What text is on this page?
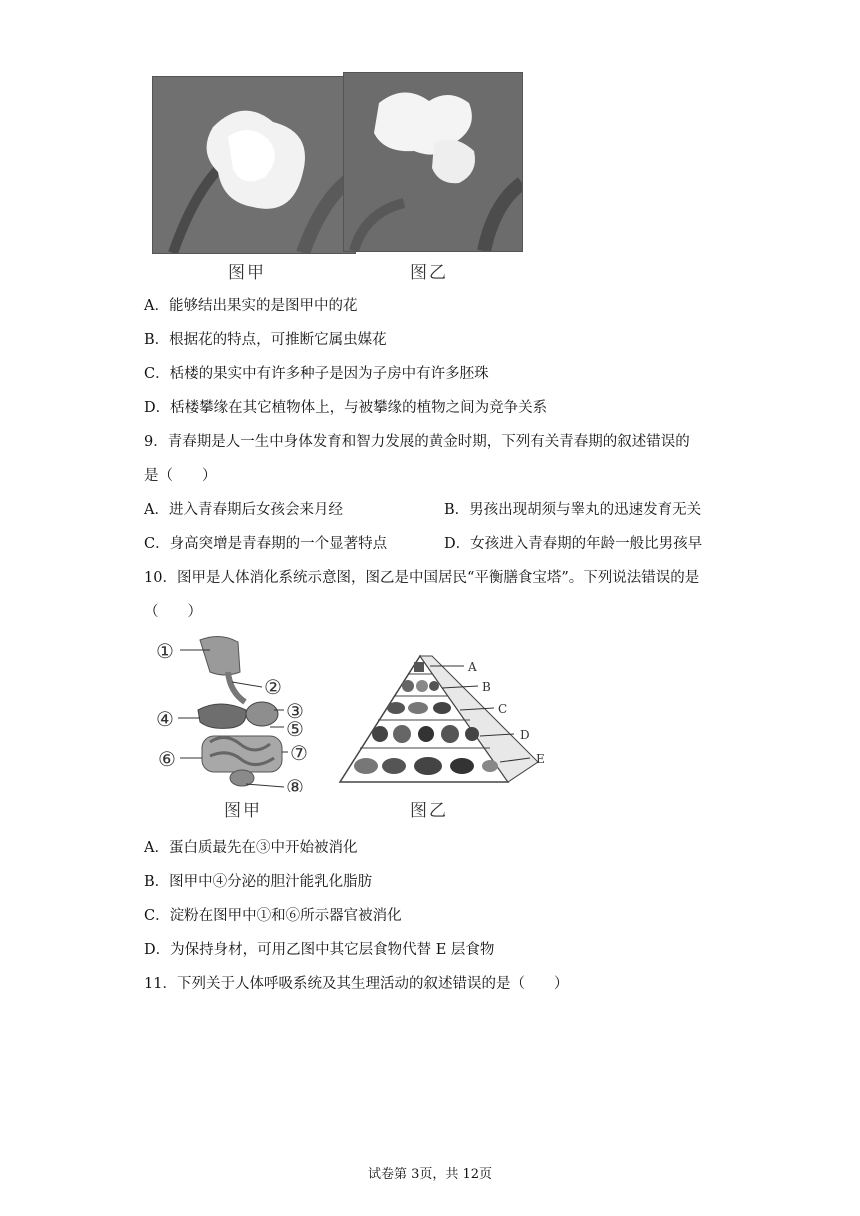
图甲	图乙
A．能够结出果实的是图甲中的花
B．根据花的特点，可推断它属虫媒花
C．栝楼的果实中有许多种子是因为子房中有许多胚珠
D．栝楼攀缘在其它植物体上，与被攀缘的植物之间为竞争关系
9．青春期是人一生中身体发育和智力发展的黄金时期，下列有关青春期的叙述错误的
是（　　）
A．进入青春期后女孩会来月经	B．男孩出现胡须与睾丸的迅速发育无关
C．身高突增是青春期的一个显著特点	D．女孩进入青春期的年龄一般比男孩早
10．图甲是人体消化系统示意图，图乙是中国居民“平衡膳食宝塔”。下列说法错误的是
（　　）
①
②
③
④	⑤
⑥	⑦
⑧
图甲
A
B
C
D
E
图乙
A．蛋白质最先在③中开始被消化
B．图甲中④分泌的胆汁能乳化脂肪
C．淀粉在图甲中①和⑥所示器官被消化
D．为保持身材，可用乙图中其它层食物代替 E 层食物
11．下列关于人体呼吸系统及其生理活动的叙述错误的是（　　）
试卷第 3页，共 12页
